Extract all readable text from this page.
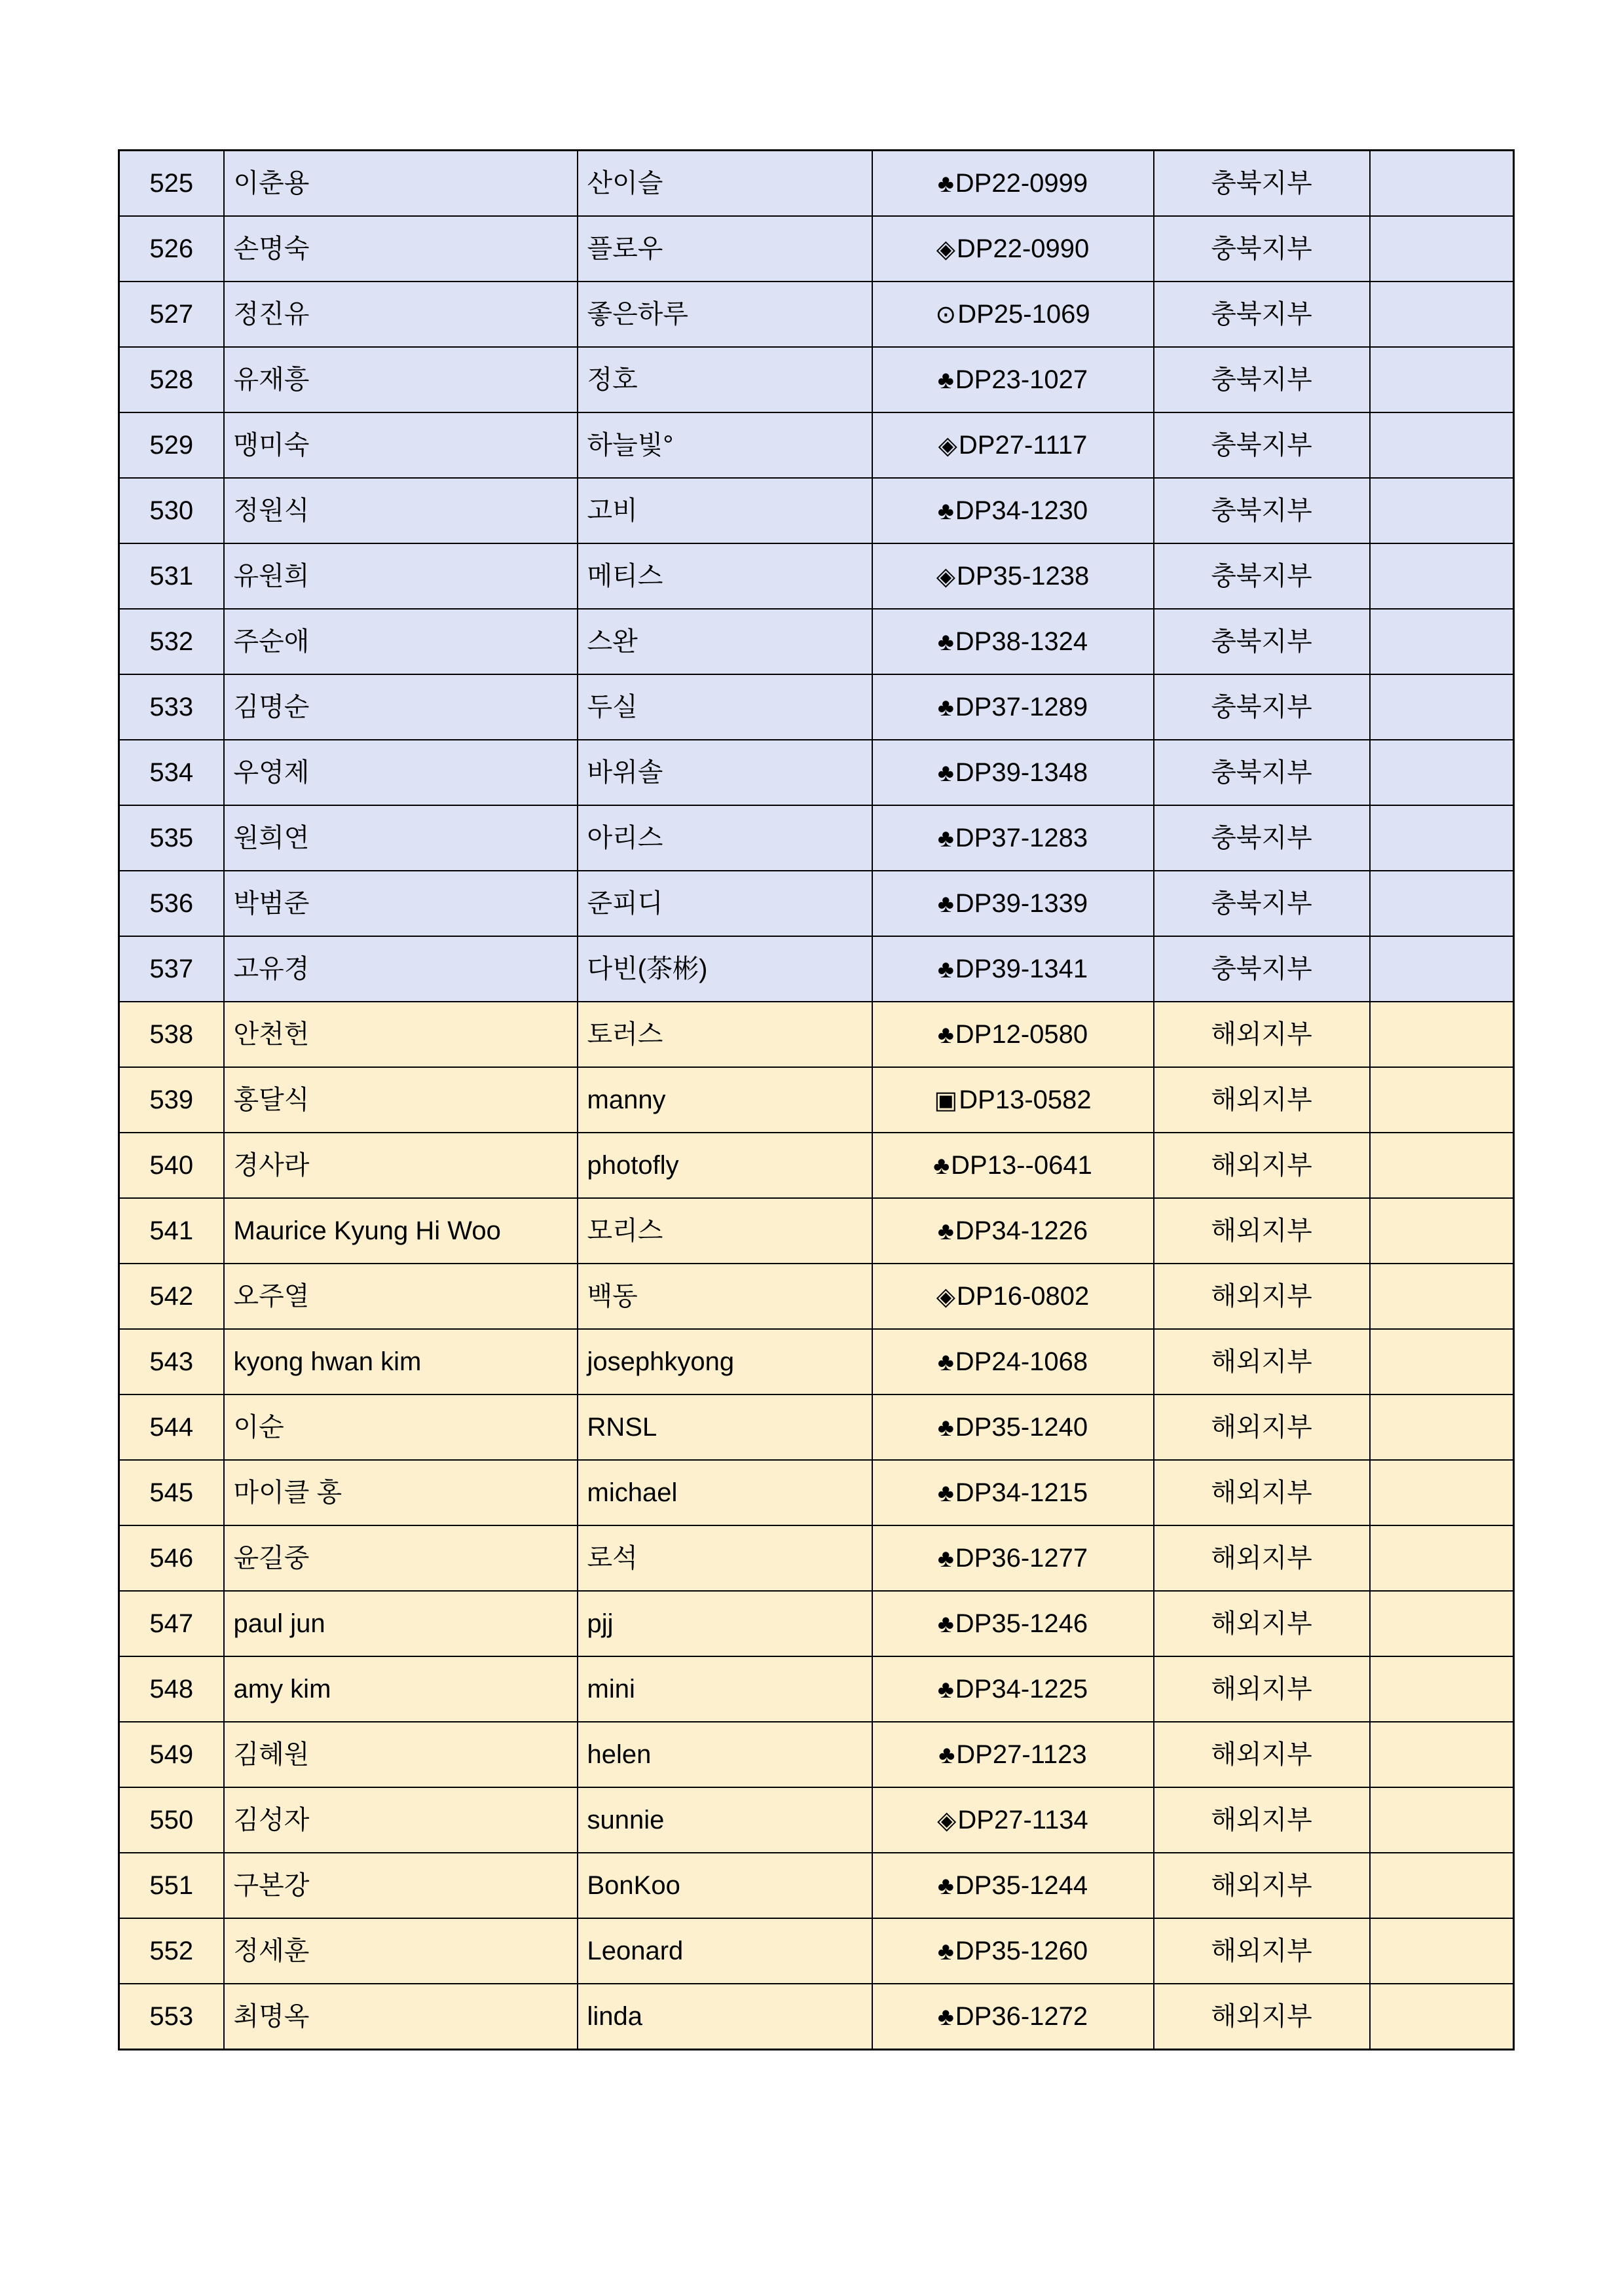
525	이춘용	산이슬	♣DP22-0999	충북지부	
526	손명숙	플로우	◈DP22-0990	충북지부	
527	정진유	좋은하루	⊙DP25-1069	충북지부	
528	유재흥	정호	♣DP23-1027	충북지부	
529	맹미숙	하늘빛°	◈DP27-1117	충북지부	
530	정원식	고비	♣DP34-1230	충북지부	
531	유원희	메티스	◈DP35-1238	충북지부	
532	주순애	스완	♣DP38-1324	충북지부	
533	김명순	두실	♣DP37-1289	충북지부	
534	우영제	바위솔	♣DP39-1348	충북지부	
535	원희연	아리스	♣DP37-1283	충북지부	
536	박범준	준피디	♣DP39-1339	충북지부	
537	고유경	다빈(茶彬)	♣DP39-1341	충북지부	
538	안천헌	토러스	♣DP12-0580	해외지부	
539	홍달식	manny	▣DP13-0582	해외지부	
540	경사라	photofly	♣DP13--0641	해외지부	
541	Maurice Kyung Hi Woo	모리스	♣DP34-1226	해외지부	
542	오주열	백동	◈DP16-0802	해외지부	
543	kyong hwan kim	josephkyong	♣DP24-1068	해외지부	
544	이순	RNSL	♣DP35-1240	해외지부	
545	마이클 홍	michael	♣DP34-1215	해외지부	
546	윤길중	로석	♣DP36-1277	해외지부	
547	paul jun	pjj	♣DP35-1246	해외지부	
548	amy kim	mini	♣DP34-1225	해외지부	
549	김혜원	helen	♣DP27-1123	해외지부	
550	김성자	sunnie	◈DP27-1134	해외지부	
551	구본강	BonKoo	♣DP35-1244	해외지부	
552	정세훈	Leonard	♣DP35-1260	해외지부	
553	최명옥	linda	♣DP36-1272	해외지부	
